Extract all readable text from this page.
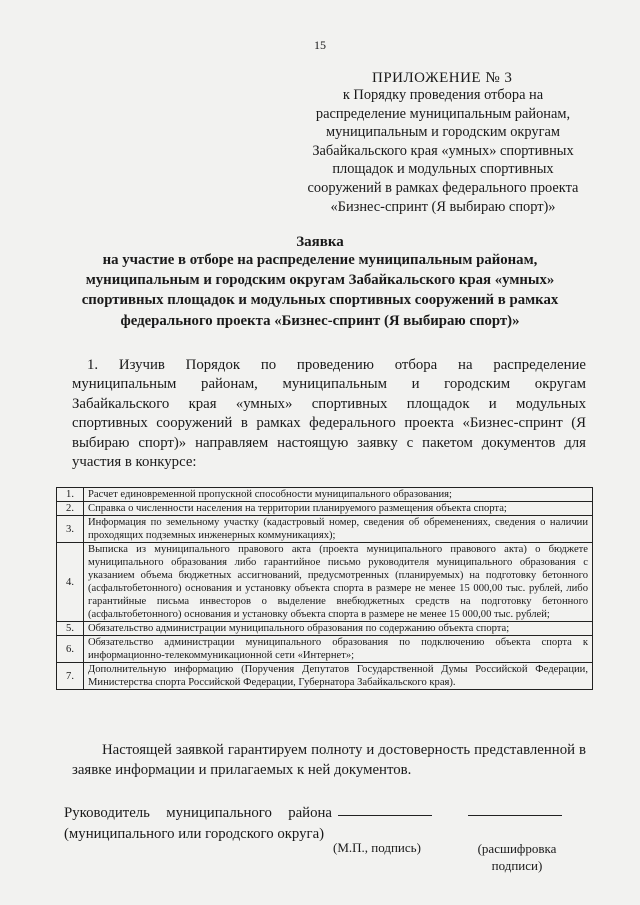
15
ПРИЛОЖЕНИЕ № 3
к Порядку проведения отбора на
распределение муниципальным районам,
муниципальным и городским округам
Забайкальского края «умных» спортивных
площадок и модульных спортивных
сооружений в рамках федерального проекта
«Бизнес-спринт (Я выбираю спорт)»
Заявка
на участие в отборе на распределение муниципальным районам,
муниципальным и городским округам Забайкальского края «умных»
спортивных площадок и модульных спортивных сооружений в рамках
федерального проекта «Бизнес-спринт (Я выбираю спорт)»
1. Изучив Порядок по проведению отбора на распределение
муниципальным районам, муниципальным и городским округам
Забайкальского края «умных» спортивных площадок и модульных
спортивных сооружений в рамках федерального проекта «Бизнес-спринт (Я
выбираю спорт)» направляем настоящую заявку с пакетом документов для
участия в конкурсе:
1.	Расчет единовременной пропускной способности муниципального образования;
2.	Справка о численности населения на территории планируемого размещения объекта спорта;
3.	Информация по земельному участку (кадастровый номер, сведения об обременениях, сведения о наличии проходящих подземных инженерных коммуникациях);
4.	Выписка из муниципального правового акта (проекта муниципального правового акта) о бюджете муниципального образования либо гарантийное письмо руководителя муниципального образования с указанием объема бюджетных ассигнований, предусмотренных (планируемых) на подготовку бетонного (асфальтобетонного) основания и установку объекта спорта в размере не менее 15 000,00 тыс. рублей, либо гарантийные письма инвесторов о выделение внебюджетных средств на подготовку бетонного (асфальтобетонного) основания и установку объекта спорта в размере не менее 15 000,00 тыс. рублей;
5.	Обязательство администрации муниципального образования по содержанию объекта спорта;
6.	Обязательство администрации муниципального образования по подключению объекта спорта к информационно-телекоммуникационной сети «Интернет»;
7.	Дополнительную информацию (Поручения Депутатов Государственной Думы Российской Федерации, Министерства спорта Российской Федерации, Губернатора Забайкальского края).
Настоящей заявкой гарантируем полноту и достоверность представленной в
заявке информации и прилагаемых к ней документов.
Руководитель муниципального района
(муниципального или городского округа)
(М.П., подпись)	(расшифровка
подписи)
